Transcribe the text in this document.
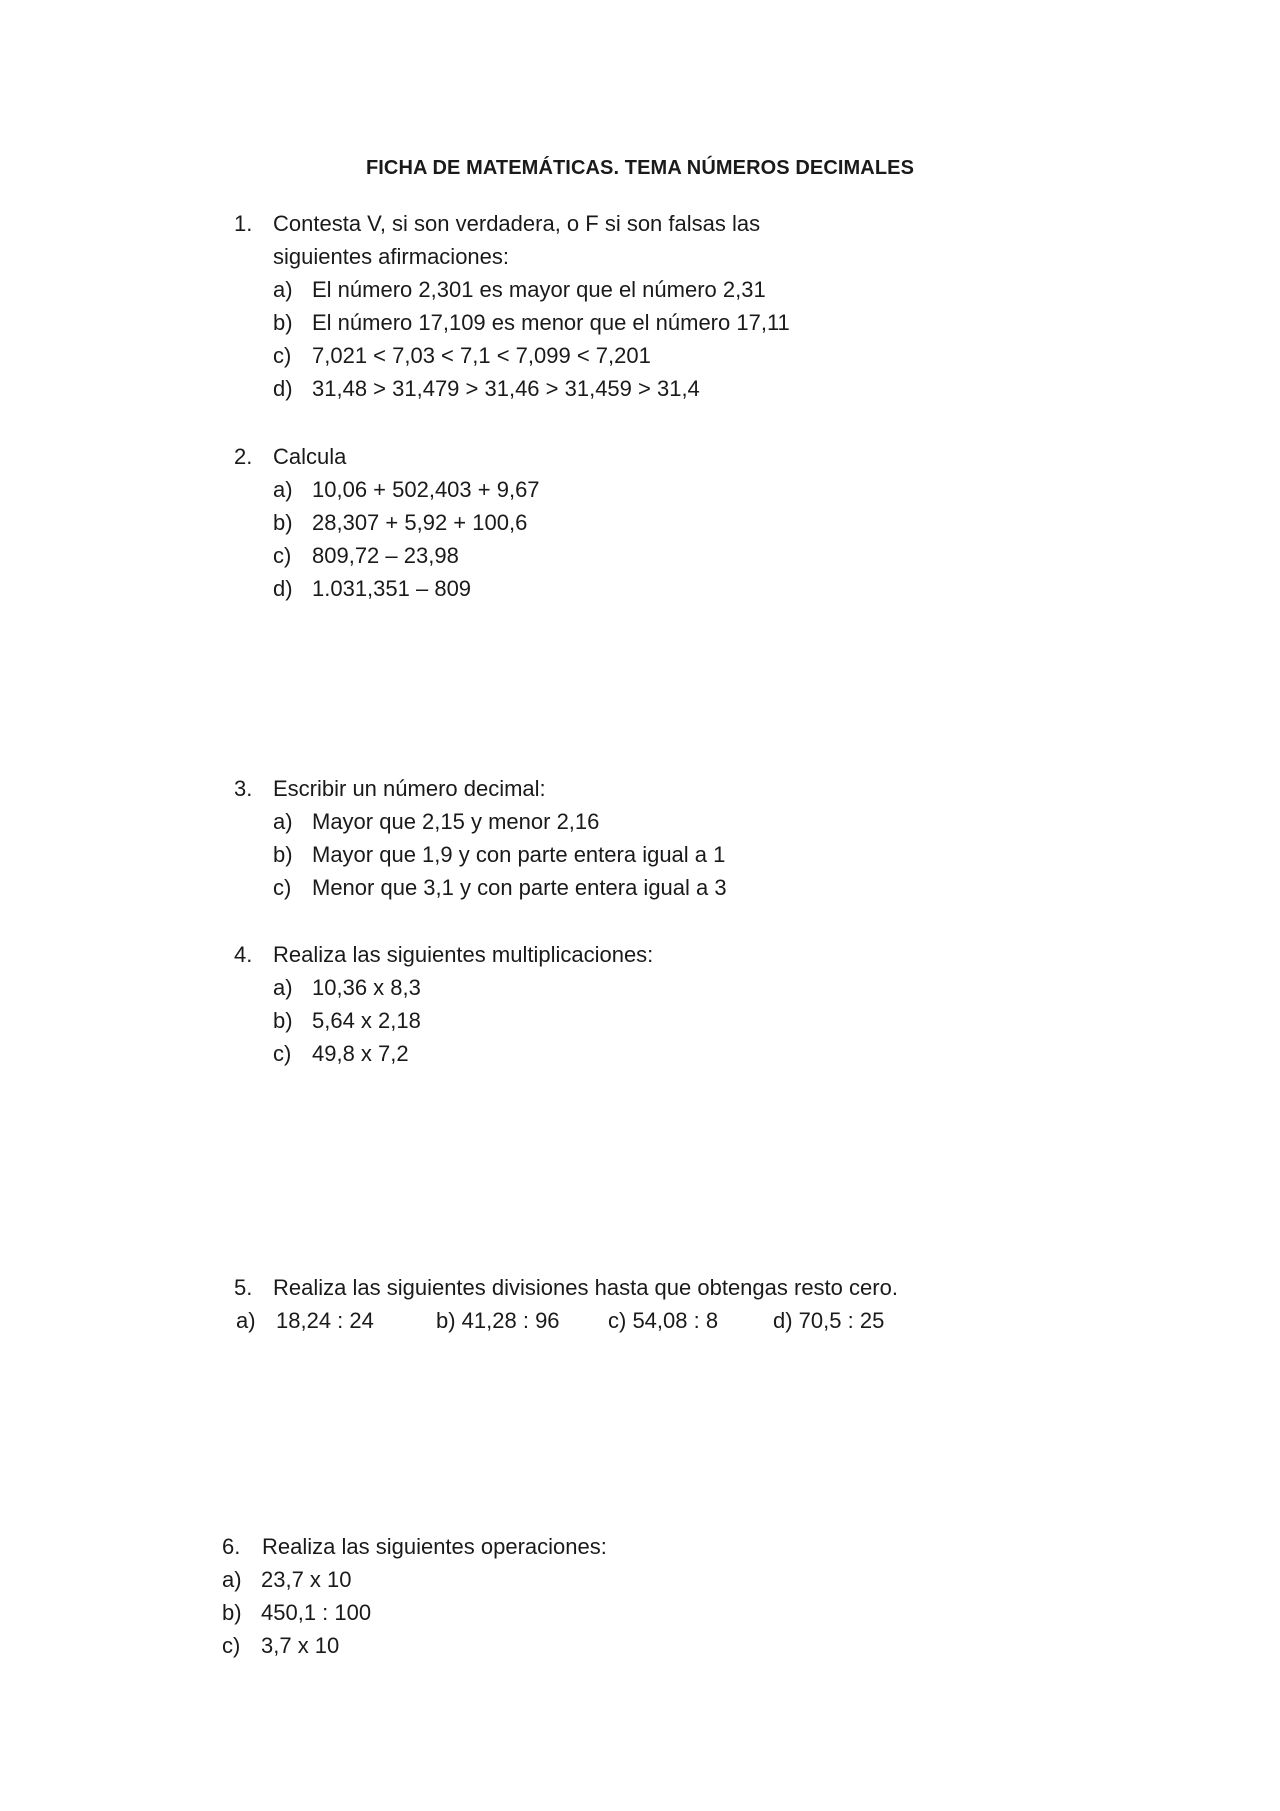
FICHA DE MATEMÁTICAS. TEMA NÚMEROS DECIMALES
1. Contesta V, si son verdadera, o F si son falsas las siguientes afirmaciones:
a) El número 2,301 es mayor que el número 2,31
b) El número 17,109 es menor que el número 17,11
c) 7,021 < 7,03 < 7,1 < 7,099 < 7,201
d) 31,48 > 31,479 > 31,46 > 31,459 > 31,4
2. Calcula
a) 10,06 + 502,403 + 9,67
b) 28,307 + 5,92 + 100,6
c) 809,72 – 23,98
d) 1.031,351 – 809
3. Escribir un número decimal:
a) Mayor que 2,15 y menor 2,16
b) Mayor que 1,9 y con parte entera igual a 1
c) Menor que 3,1 y con parte entera igual a 3
4. Realiza las siguientes multiplicaciones:
a) 10,36 x 8,3
b) 5,64 x 2,18
c) 49,8 x 7,2
5. Realiza las siguientes divisiones hasta que obtengas resto cero.
a) 18,24 : 24	b) 41,28 : 96	c) 54,08 : 8	d) 70,5 : 25
6. Realiza las siguientes operaciones:
a) 23,7 x 10
b) 450,1 : 100
c) 3,7 x 10
